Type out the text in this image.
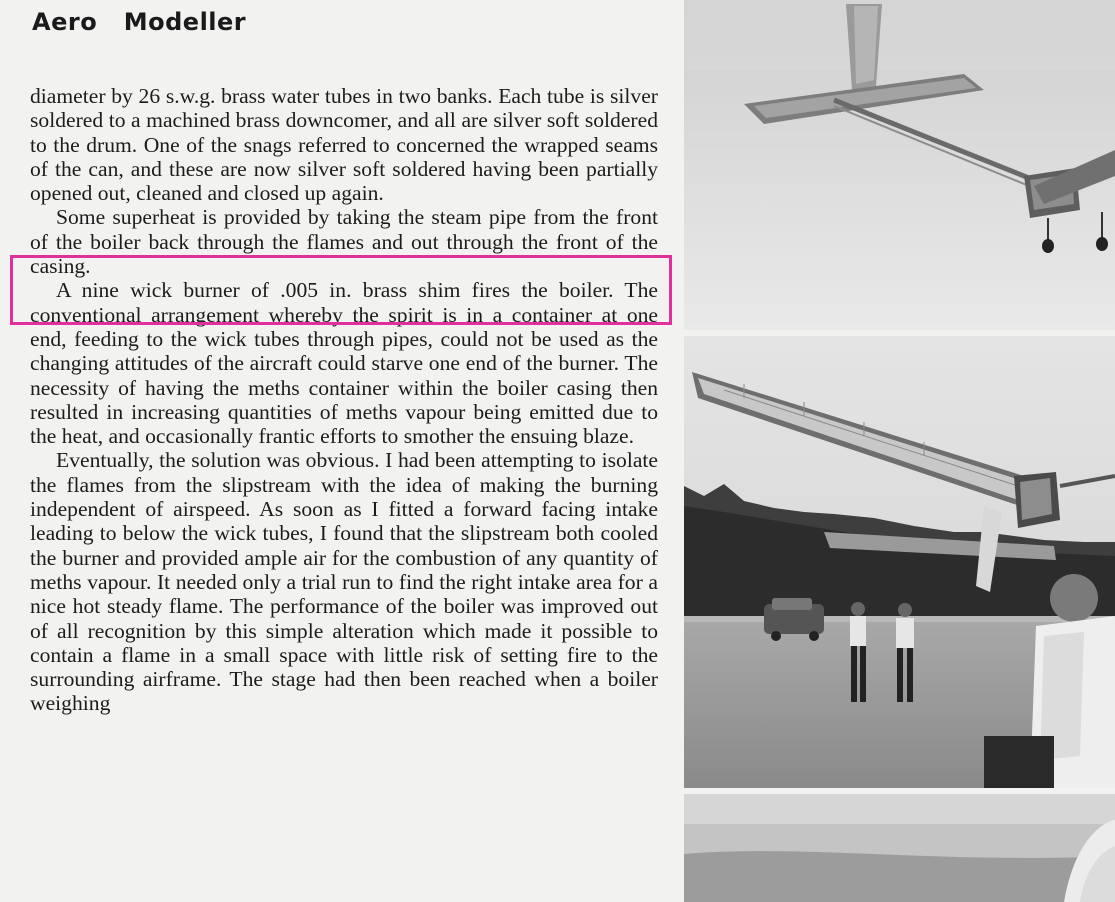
Aero   Modeller

diameter by 26 s.w.g. brass water tubes in two banks. Each tube is silver soldered to a machined brass downcomer, and all are silver soft soldered to the drum. One of the snags referred to concerned the wrapped seams of the can, and these are now silver soft soldered having been partially opened out, cleaned and closed up again.

Some superheat is provided by taking the steam pipe from the front of the boiler back through the flames and out through the front of the casing.

A nine wick burner of .005 in. brass shim fires the boiler. The conventional arrangement whereby the spirit is in a container at one end, feeding to the wick tubes through pipes, could not be used as the changing attitudes of the aircraft could starve one end of the burner. The necessity of having the meths container within the boiler casing then resulted in increasing quantities of meths vapour being emitted due to the heat, and occasionally frantic efforts to smother the ensuing blaze.

Eventually, the solution was obvious. I had been attempting to isolate the flames from the slipstream with the idea of making the burning independent of airspeed. As soon as I fitted a forward facing intake leading to below the wick tubes, I found that the slipstream both cooled the burner and provided ample air for the combustion of any quantity of meths vapour. It needed only a trial run to find the right intake area for a nice hot steady flame. The performance of the boiler was improved out of all recognition by this simple alteration which made it possible to contain a flame in a small space with little risk of setting fire to the surrounding airframe. The stage had then been reached when a boiler weighing
